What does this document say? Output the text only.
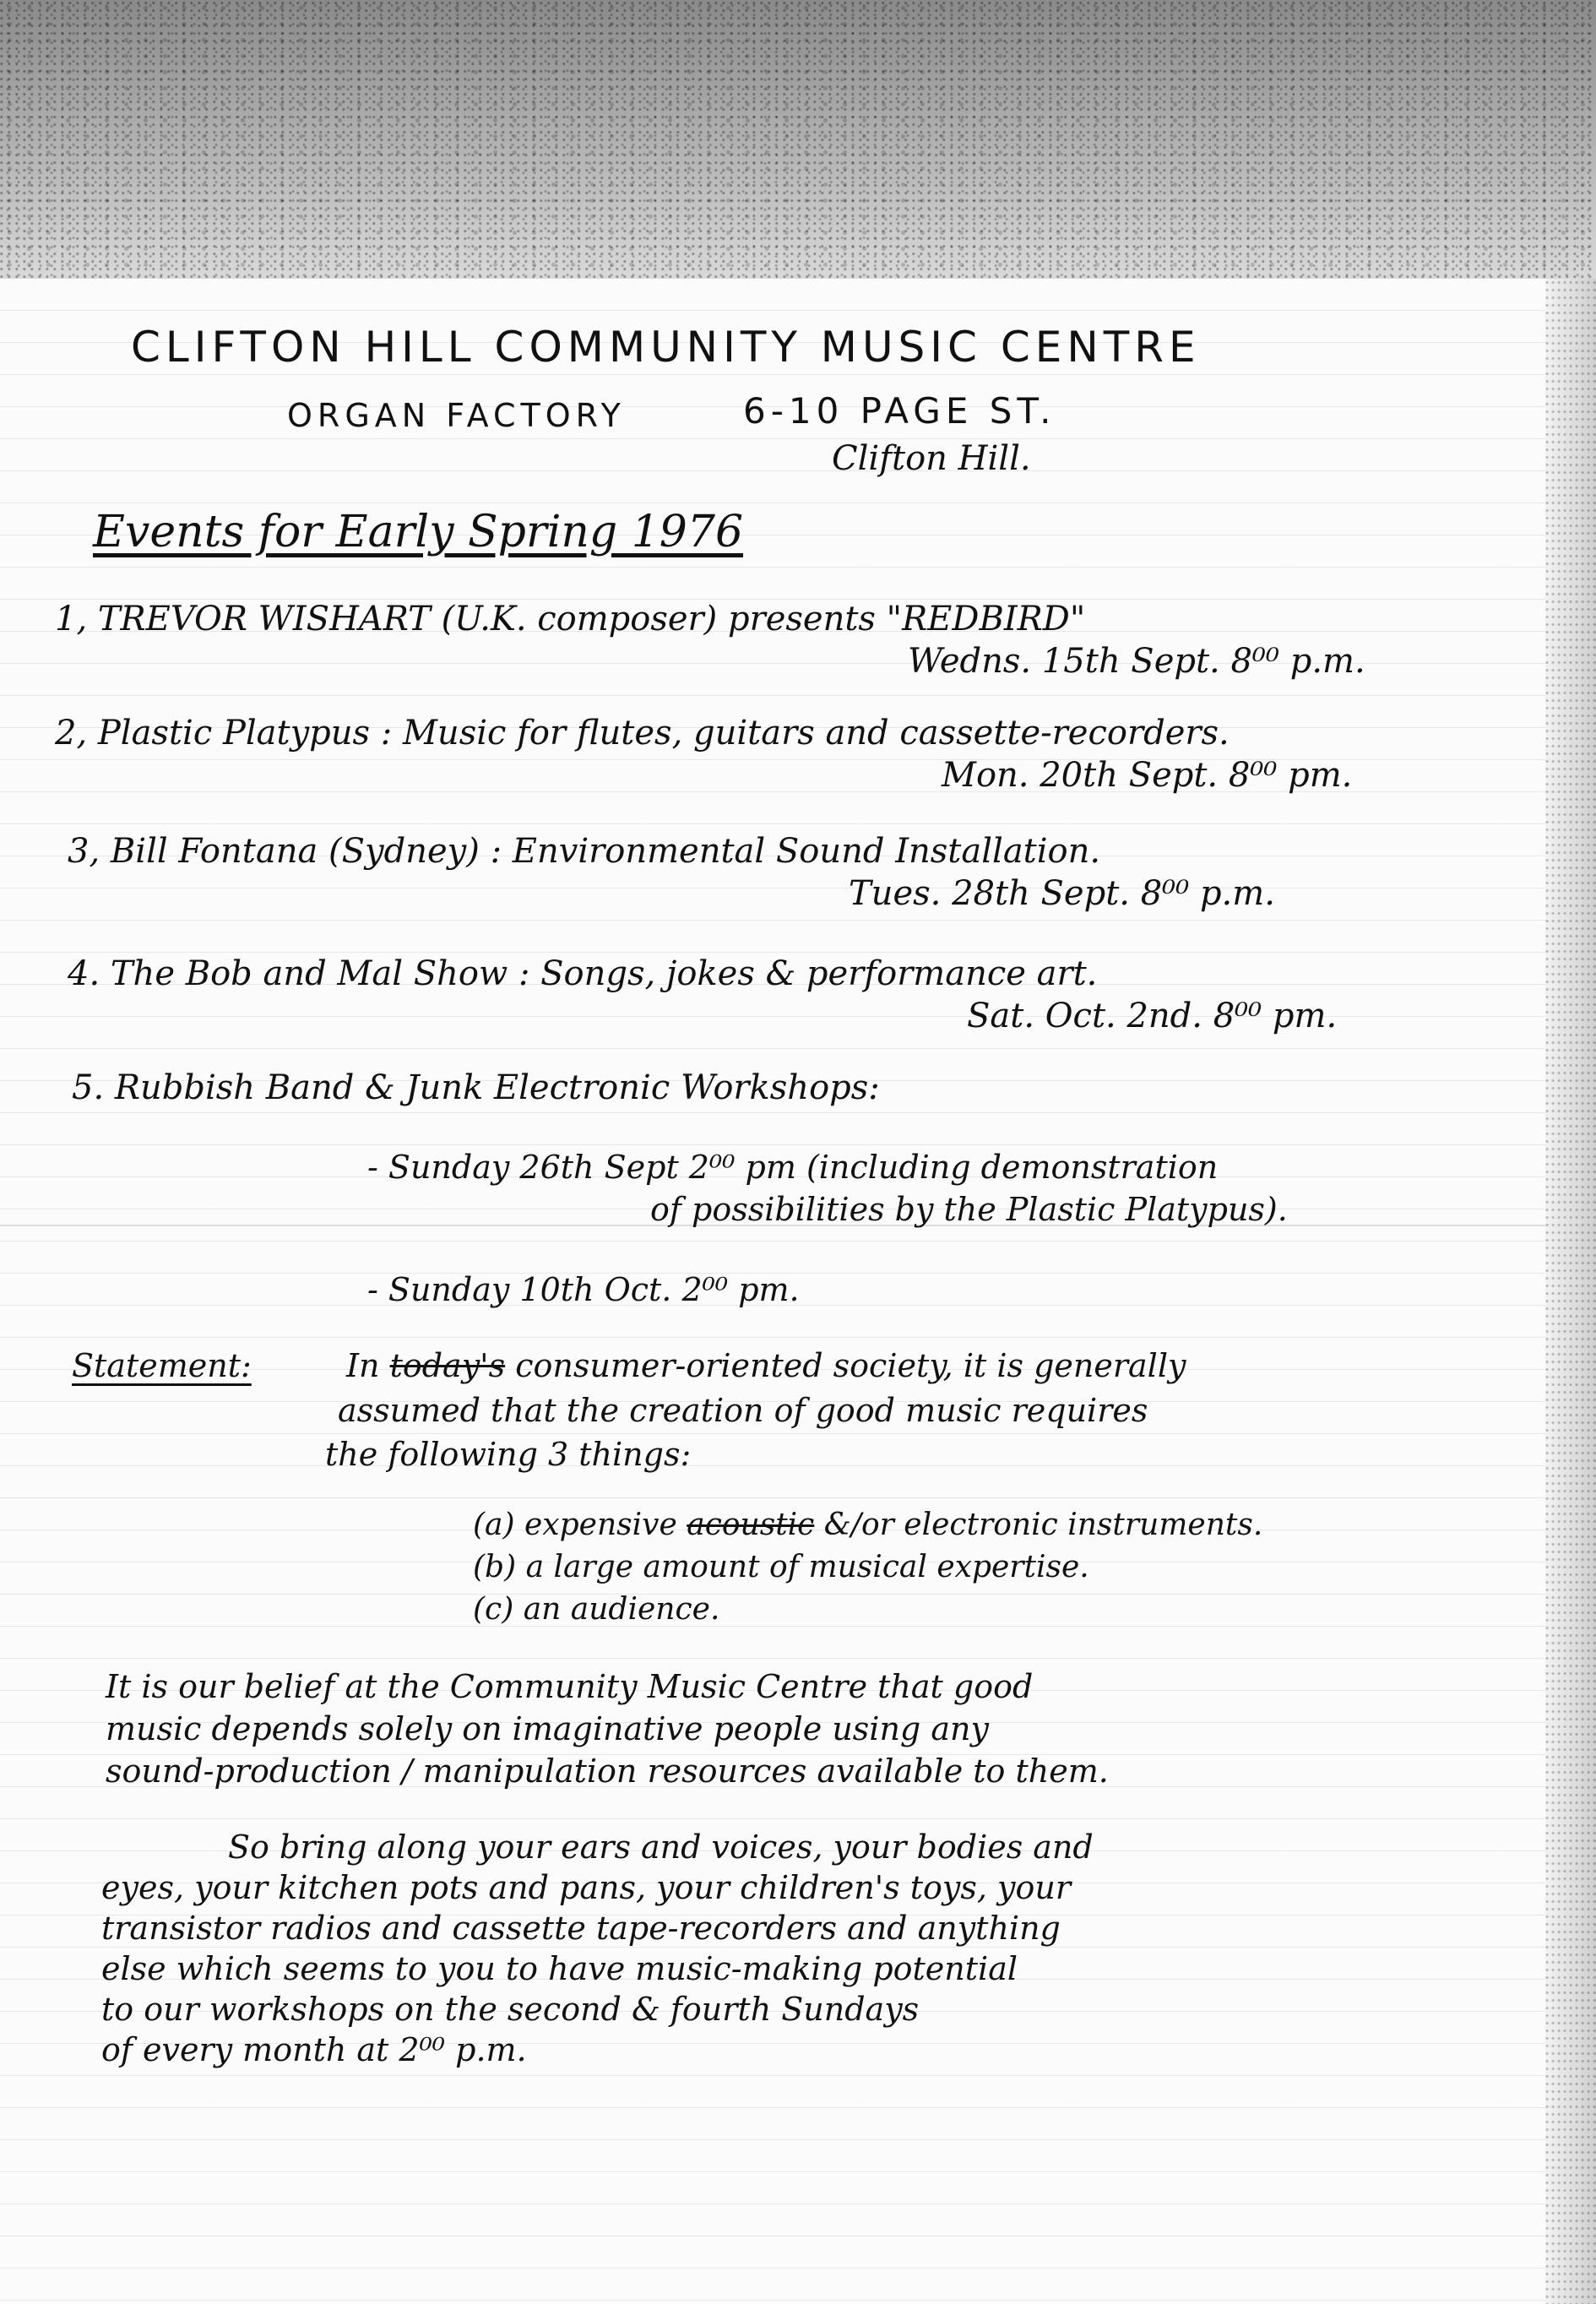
CLIFTON HILL COMMUNITY MUSIC CENTRE
ORGAN FACTORY	6-10 PAGE ST.
Clifton Hill.
Events for Early Spring 1976
1, TREVOR WISHART (U.K. composer) presents "REDBIRD"
Wedns. 15th Sept. 8⁰⁰ p.m.
2, Plastic Platypus : Music for flutes, guitars and cassette-recorders.
Mon. 20th Sept. 8⁰⁰ pm.
3, Bill Fontana (Sydney) : Environmental Sound Installation.
Tues. 28th Sept. 8⁰⁰ p.m.
4. The Bob and Mal Show : Songs, jokes & performance art.
Sat. Oct. 2nd. 8⁰⁰ pm.
5. Rubbish Band & Junk Electronic Workshops:
- Sunday 26th Sept 2⁰⁰ pm (including demonstration
of possibilities by the Plastic Platypus).
- Sunday 10th Oct. 2⁰⁰ pm.
Statement:	In today's consumer-oriented society, it is generally
assumed that the creation of good music requires
the following 3 things:
(a) expensive acoustic &/or electronic instruments.
(b) a large amount of musical expertise.
(c) an audience.
It is our belief at the Community Music Centre that good
music depends solely on imaginative people using any
sound-production / manipulation resources available to them.
So bring along your ears and voices, your bodies and
eyes, your kitchen pots and pans, your children's toys, your
transistor radios and cassette tape-recorders and anything
else which seems to you to have music-making potential
to our workshops on the second & fourth Sundays
of every month at 2⁰⁰ p.m.
